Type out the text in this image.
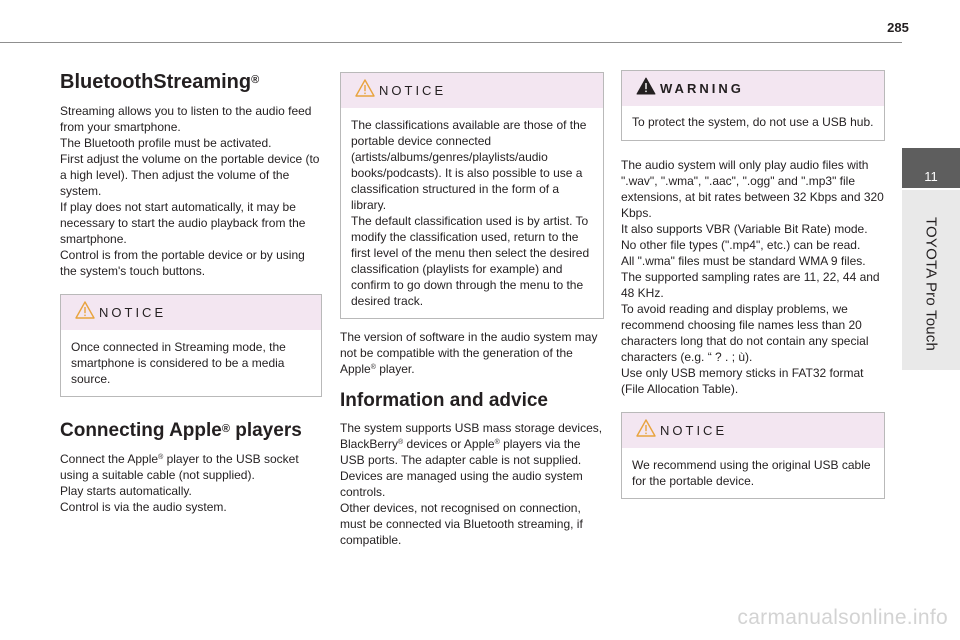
285
11
TOYOTA Pro Touch
BluetoothStreaming®

Streaming allows you to listen to the audio feed from your smartphone.
The Bluetooth profile must be activated.
First adjust the volume on the portable device (to a high level). Then adjust the volume of the system.
If play does not start automatically, it may be necessary to start the audio playback from the smartphone.
Control is from the portable device or by using the system's touch buttons.

NOTICE
Once connected in Streaming mode, the smartphone is considered to be a media source.
Connecting Apple® players

Connect the Apple® player to the USB socket using a suitable cable (not supplied).
Play starts automatically.
Control is via the audio system.

NOTICE
The classifications available are those of the portable device connected (artists/albums/genres/playlists/audio books/podcasts). It is also possible to use a classification structured in the form of a library.
The default classification used is by artist. To modify the classification used, return to the first level of the menu then select the desired classification (playlists for example) and confirm to go down through the menu to the desired track.

The version of software in the audio system may not be compatible with the generation of the Apple® player.

Information and advice

The system supports USB mass storage devices, BlackBerry® devices or Apple® players via the USB ports. The adapter cable is not supplied.
Devices are managed using the audio system controls.
Other devices, not recognised on connection, must be connected via Bluetooth streaming, if compatible.

WARNING
To protect the system, do not use a USB hub.

The audio system will only play audio files with ".wav", ".wma", ".aac", ".ogg" and ".mp3" file extensions, at bit rates between 32 Kbps and 320 Kbps.
It also supports VBR (Variable Bit Rate) mode.
No other file types (".mp4", etc.) can be read.
All ".wma" files must be standard WMA 9 files.
The supported sampling rates are 11, 22, 44 and 48 KHz.
To avoid reading and display problems, we recommend choosing file names less than 20 characters long that do not contain any special characters (e.g. “ ? . ; ù).
Use only USB memory sticks in FAT32 format (File Allocation Table).

NOTICE
We recommend using the original USB cable for the portable device.
carmanualsonline.info
